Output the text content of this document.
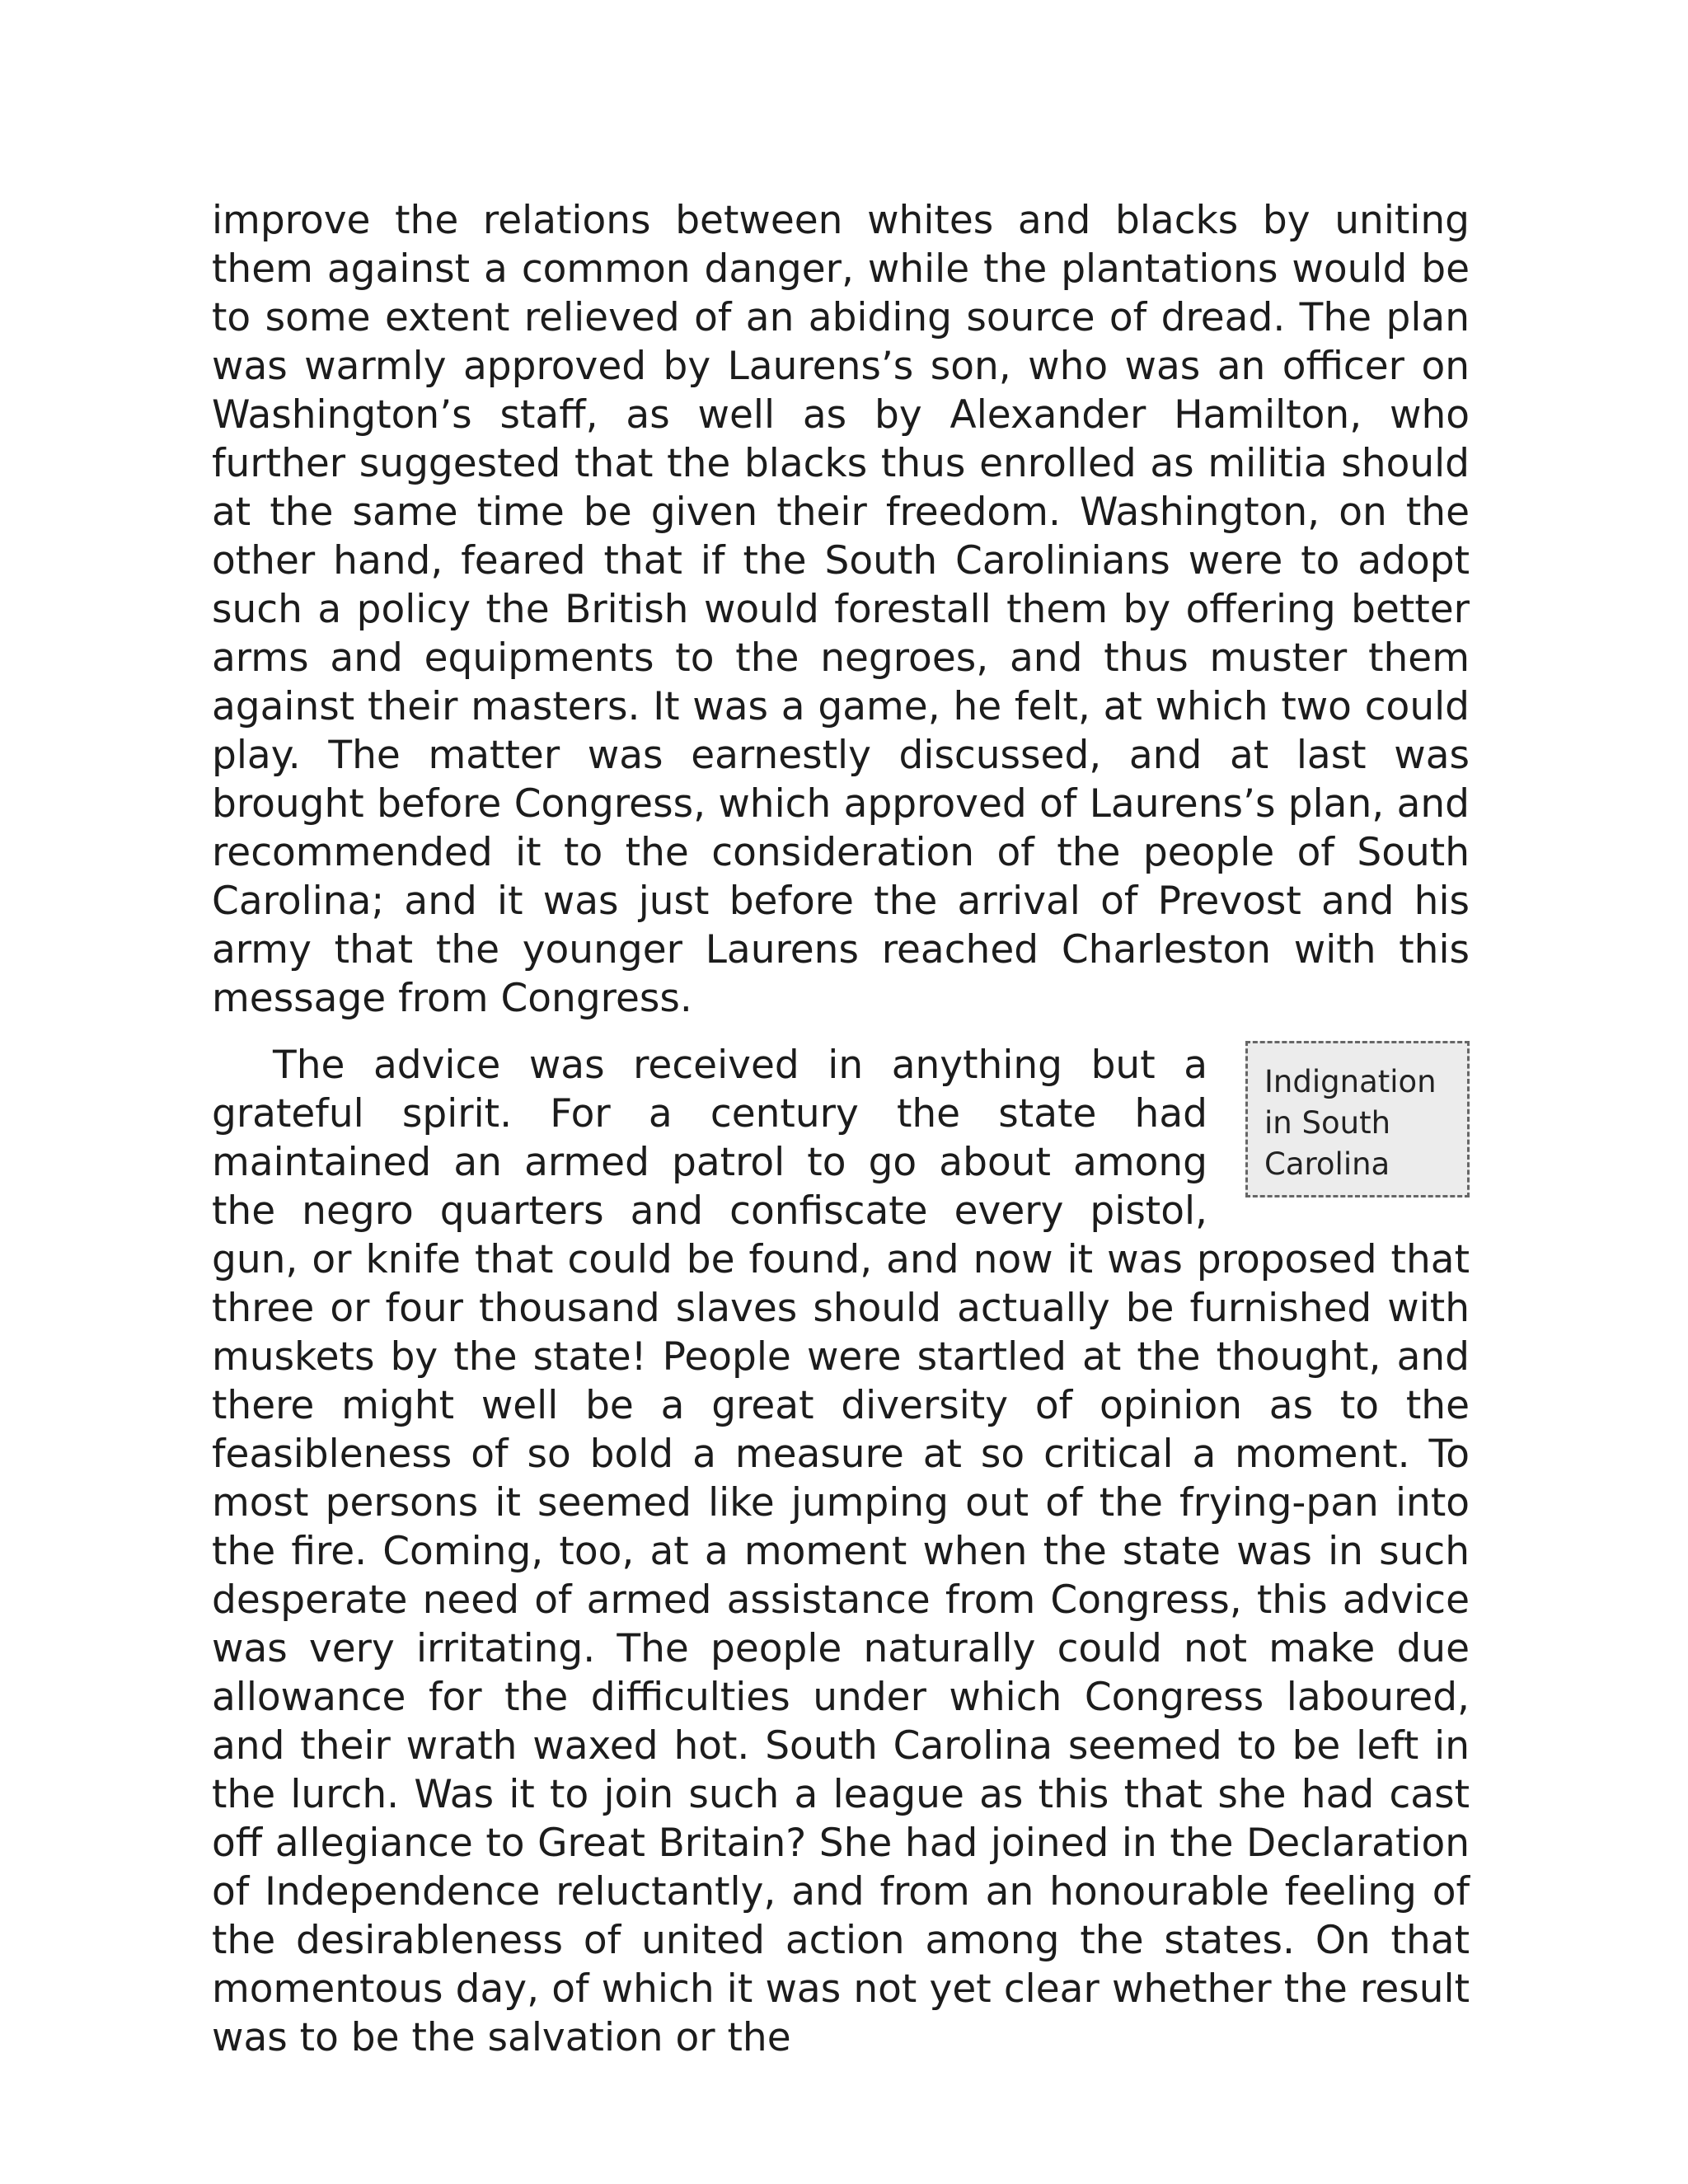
improve the relations between whites and blacks by uniting them against a common danger, while the plantations would be to some extent relieved of an abiding source of dread. The plan was warmly approved by Laurens’s son, who was an officer on Washington’s staff, as well as by Alexander Hamilton, who further suggested that the blacks thus enrolled as militia should at the same time be given their freedom. Washington, on the other hand, feared that if the South Carolinians were to adopt such a policy the British would forestall them by offering better arms and equipments to the negroes, and thus muster them against their masters. It was a game, he felt, at which two could play. The matter was earnestly discussed, and at last was brought before Congress, which approved of Laurens’s plan, and recommended it to the consideration of the people of South Carolina; and it was just before the arrival of Prevost and his army that the younger Laurens reached Charleston with this message from Congress.

Indignation in South Carolina
The advice was received in anything but a grateful spirit. For a century the state had maintained an armed patrol to go about among the negro quarters and confiscate every pistol, gun, or knife that could be found, and now it was proposed that three or four thousand slaves should actually be furnished with muskets by the state! People were startled at the thought, and there might well be a great diversity of opinion as to the feasibleness of so bold a measure at so critical a moment. To most persons it seemed like jumping out of the frying-pan into the fire. Coming, too, at a moment when the state was in such desperate need of armed assistance from Congress, this advice was very irritating. The people naturally could not make due allowance for the difficulties under which Congress laboured, and their wrath waxed hot. South Carolina seemed to be left in the lurch. Was it to join such a league as this that she had cast off allegiance to Great Britain? She had joined in the Declaration of Independence reluctantly, and from an honourable feeling of the desirableness of united action among the states. On that momentous day, of which it was not yet clear whether the result was to be the salvation or the
